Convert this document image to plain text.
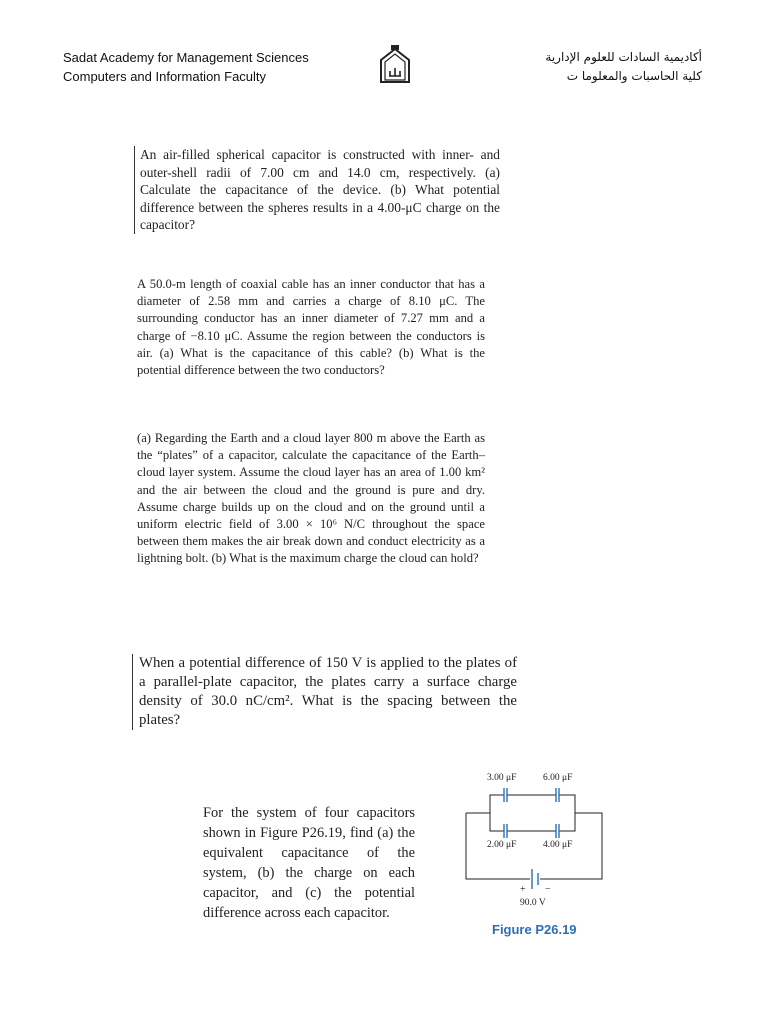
Sadat Academy for Management Sciences
Computers and Information Faculty
أكاديمية السادات للعلوم الإدارية
كلية الحاسبات والمعلوما ت

An air-filled spherical capacitor is constructed with inner- and outer-shell radii of 7.00 cm and 14.0 cm, respectively. (a) Calculate the capacitance of the device. (b) What potential difference between the spheres results in a 4.00-μC charge on the capacitor?

A 50.0-m length of coaxial cable has an inner conductor that has a diameter of 2.58 mm and carries a charge of 8.10 μC. The surrounding conductor has an inner diameter of 7.27 mm and a charge of −8.10 μC. Assume the region between the conductors is air. (a) What is the capacitance of this cable? (b) What is the potential difference between the two conductors?

(a) Regarding the Earth and a cloud layer 800 m above the Earth as the “plates” of a capacitor, calculate the capacitance of the Earth–cloud layer system. Assume the cloud layer has an area of 1.00 km² and the air between the cloud and the ground is pure and dry. Assume charge builds up on the cloud and on the ground until a uniform electric field of 3.00 × 10⁶ N/C throughout the space between them makes the air break down and conduct electricity as a lightning bolt. (b) What is the maximum charge the cloud can hold?

When a potential difference of 150 V is applied to the plates of a parallel-plate capacitor, the plates carry a surface charge density of 30.0 nC/cm². What is the spacing between the plates?

For the system of four capacitors shown in Figure P26.19, find (a) the equivalent capacitance of the system, (b) the charge on each capacitor, and (c) the potential difference across each capacitor.

3.00 μF	6.00 μF
2.00 μF	4.00 μF
+ −
90.0 V
Figure P26.19
